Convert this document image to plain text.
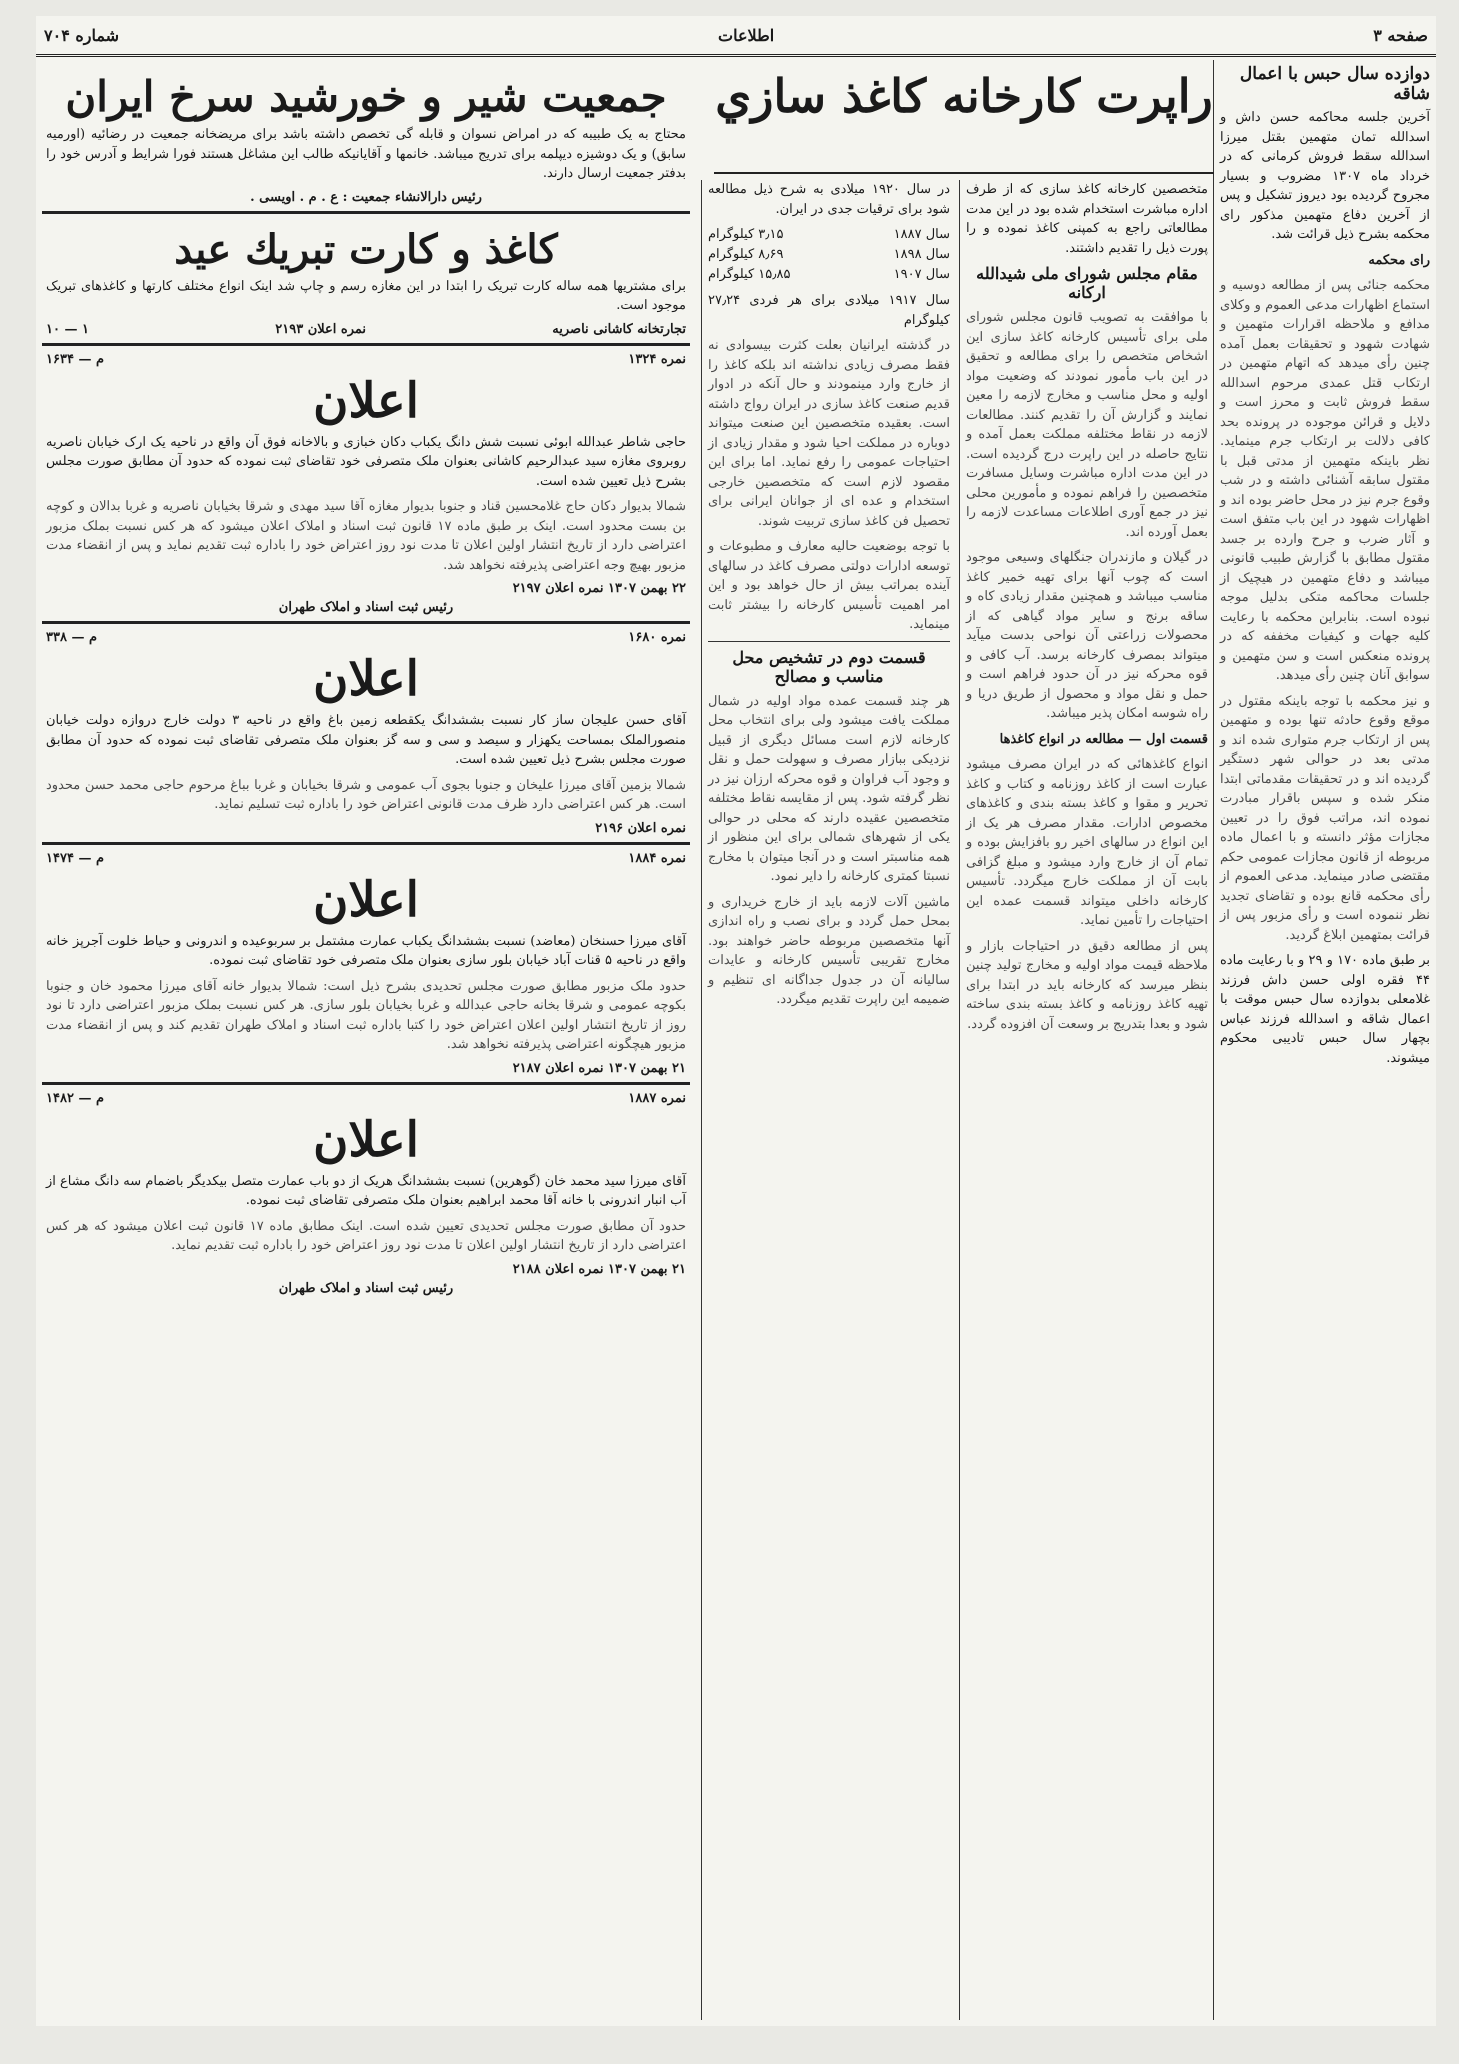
صفحه ۳
اطلاعات
شماره ۷۰۴
دوازده سال حبس با اعمال شاقه

آخرین جلسه محاکمه حسن داش و اسدالله تمان متهمین بقتل میرزا اسدالله سقط فروش کرمانی که در خرداد ماه ۱۳۰۷ مضروب و بسیار مجروح گردیده بود دیروز تشکیل و پس از آخرین دفاع متهمین مذکور رای محکمه بشرح ذیل قرائت شد.

رای محکمه

محکمه جنائی پس از مطالعه دوسیه و استماع اظهارات مدعی العموم و وکلای مدافع و ملاحظه اقرارات متهمین و شهادت شهود و تحقیقات بعمل آمده چنین رأی میدهد که اتهام متهمین در ارتکاب قتل عمدی مرحوم اسدالله سقط فروش ثابت و محرز است و دلایل و قرائن موجوده در پرونده بحد کافی دلالت بر ارتکاب جرم مینماید. نظر باینکه متهمین از مدتی قبل با مقتول سابقه آشنائی داشته و در شب وقوع جرم نیز در محل حاضر بوده اند و اظهارات شهود در این باب متفق است و آثار ضرب و جرح وارده بر جسد مقتول مطابق با گزارش طبیب قانونی میباشد و دفاع متهمین در هیچیک از جلسات محاکمه متکی بدلیل موجه نبوده است. بنابراین محکمه با رعایت کلیه جهات و کیفیات مخففه که در پرونده منعکس است و سن متهمین و سوابق آنان چنین رأی میدهد.

و نیز محکمه با توجه باینکه مقتول در موقع وقوع حادثه تنها بوده و متهمین پس از ارتکاب جرم متواری شده اند و مدتی بعد در حوالی شهر دستگیر گردیده اند و در تحقیقات مقدماتی ابتدا منکر شده و سپس باقرار مبادرت نموده اند، مراتب فوق را در تعیین مجازات مؤثر دانسته و با اعمال ماده مربوطه از قانون مجازات عمومی حکم مقتضی صادر مینماید. مدعی العموم از رأی محکمه قانع بوده و تقاضای تجدید نظر ننموده است و رأی مزبور پس از قرائت بمتهمین ابلاغ گردید.

بر طبق ماده ۱۷۰ و ۲۹ و با رعایت ماده ۴۴ فقره اولی حسن داش فرزند غلامعلی بدوازده سال حبس موقت با اعمال شاقه و اسدالله فرزند عباس بچهار سال حبس تادیبی محکوم میشوند.

راپرت كارخانه كاغذ سازي

متخصصین کارخانه کاغذ سازی که از طرف اداره مباشرت استخدام شده بود در این مدت مطالعاتی راجع به کمپنی کاغذ نموده و را پورت ذیل را تقدیم داشتند.

مقام مجلس شورای ملی شیدالله ارکانه

با موافقت به تصویب قانون مجلس شورای ملی برای تأسیس کارخانه کاغذ سازی این اشخاص متخصص را برای مطالعه و تحقیق در این باب مأمور نمودند که وضعیت مواد اولیه و محل مناسب و مخارج لازمه را معین نمایند و گزارش آن را تقدیم کنند. مطالعات لازمه در نقاط مختلفه مملکت بعمل آمده و نتایج حاصله در این راپرت درج گردیده است. در این مدت اداره مباشرت وسایل مسافرت متخصصین را فراهم نموده و مأمورین محلی نیز در جمع آوری اطلاعات مساعدت لازمه را بعمل آورده اند.

در گیلان و مازندران جنگلهای وسیعی موجود است که چوب آنها برای تهیه خمیر کاغذ مناسب میباشد و همچنین مقدار زیادی کاه و ساقه برنج و سایر مواد گیاهی که از محصولات زراعتی آن نواحی بدست میآید میتواند بمصرف کارخانه برسد. آب کافی و قوه محرکه نیز در آن حدود فراهم است و حمل و نقل مواد و محصول از طریق دریا و راه شوسه امکان پذیر میباشد.

قسمت اول — مطالعه در انواع کاغذها

انواع کاغذهائی که در ایران مصرف میشود عبارت است از کاغذ روزنامه و کتاب و کاغذ تحریر و مقوا و کاغذ بسته بندی و کاغذهای مخصوص ادارات. مقدار مصرف هر یک از این انواع در سالهای اخیر رو بافزایش بوده و تمام آن از خارج وارد میشود و مبلغ گزافی بابت آن از مملکت خارج میگردد. تأسیس کارخانه داخلی میتواند قسمت عمده این احتیاجات را تأمین نماید.

پس از مطالعه دقیق در احتیاجات بازار و ملاحظه قیمت مواد اولیه و مخارج تولید چنین بنظر میرسد که کارخانه باید در ابتدا برای تهیه کاغذ روزنامه و کاغذ بسته بندی ساخته شود و بعدا بتدریج بر وسعت آن افزوده گردد.

در سال ۱۹۲۰ میلادی به شرح ذیل مطالعه شود برای ترقیات جدی در ایران.

سال ۱۸۸۷
۳٫۱۵ کیلوگرام
سال ۱۸۹۸
۸٫۶۹ کیلوگرام
سال ۱۹۰۷
۱۵٫۸۵ کیلوگرام

سال ۱۹۱۷ میلادی برای هر فردی ۲۷٫۲۴ کیلوگرام

در گذشته ایرانیان بعلت کثرت بیسوادی نه فقط مصرف زیادی نداشته اند بلکه کاغذ را از خارج وارد مینمودند و حال آنکه در ادوار قدیم صنعت کاغذ سازی در ایران رواج داشته است. بعقیده متخصصین این صنعت میتواند دوباره در مملکت احیا شود و مقدار زیادی از احتیاجات عمومی را رفع نماید. اما برای این مقصود لازم است که متخصصین خارجی استخدام و عده ای از جوانان ایرانی برای تحصیل فن کاغذ سازی تربیت شوند.

با توجه بوضعیت حالیه معارف و مطبوعات و توسعه ادارات دولتی مصرف کاغذ در سالهای آینده بمراتب بیش از حال خواهد بود و این امر اهمیت تأسیس کارخانه را بیشتر ثابت مینماید.

قسمت دوم در تشخیص محل مناسب و مصالح

هر چند قسمت عمده مواد اولیه در شمال مملکت یافت میشود ولی برای انتخاب محل کارخانه لازم است مسائل دیگری از قبیل نزدیکی ببازار مصرف و سهولت حمل و نقل و وجود آب فراوان و قوه محرکه ارزان نیز در نظر گرفته شود. پس از مقایسه نقاط مختلفه متخصصین عقیده دارند که محلی در حوالی یکی از شهرهای شمالی برای این منظور از همه مناسبتر است و در آنجا میتوان با مخارج نسبتا کمتری کارخانه را دایر نمود.

ماشین آلات لازمه باید از خارج خریداری و بمحل حمل گردد و برای نصب و راه اندازی آنها متخصصین مربوطه حاضر خواهند بود. مخارج تقریبی تأسیس کارخانه و عایدات سالیانه آن در جدول جداگانه ای تنظیم و ضمیمه این راپرت تقدیم میگردد.

جمعیت شیر و خورشید سرخ ایران

محتاج به یک طبیبه که در امراض نسوان و قابله گی تخصص داشته باشد برای مریضخانه جمعیت در رضائیه (اورمیه سابق) و یک دوشیزه دیپلمه برای تدریج میباشد. خانمها و آقایانیکه طالب این مشاغل هستند فورا شرایط و آدرس خود را بدفتر جمعیت ارسال دارند.

رئیس دارالانشاء جمعیت : ع . م . اویسی .
كاغذ و كارت تبريك عيد

برای مشتریها همه ساله کارت تبریک را ابتدا در این مغازه رسم و چاپ شد اینک انواع مختلف کارتها و کاغذهای تبریک موجود است.

تجارتخانه کاشانی ناصریه
نمره اعلان ۲۱۹۳
۱ — ۱۰
نمره ۱۳۲۴
م — ۱۶۳۴
اعلان

حاجی شاطر عبدالله ابوئی نسبت شش دانگ یکباب دکان خبازی و بالاخانه فوق آن واقع در ناحیه یک ارک خیابان ناصریه روبروی مغازه سید عبدالرحیم کاشانی بعنوان ملک متصرفی خود تقاضای ثبت نموده که حدود آن مطابق صورت مجلس بشرح ذیل تعیین شده است.

شمالا بدیوار دکان حاج غلامحسین قناد و جنوبا بدیوار مغازه آقا سید مهدی و شرقا بخیابان ناصریه و غربا بدالان و کوچه بن بست محدود است. اینک بر طبق ماده ۱۷ قانون ثبت اسناد و املاک اعلان میشود که هر کس نسبت بملک مزبور اعتراضی دارد از تاریخ انتشار اولین اعلان تا مدت نود روز اعتراض خود را باداره ثبت تقدیم نماید و پس از انقضاء مدت مزبور بهیچ وجه اعتراضی پذیرفته نخواهد شد.

۲۲ بهمن ۱۳۰۷ نمره اعلان ۲۱۹۷
رئیس ثبت اسناد و املاک طهران
نمره ۱۶۸۰
م — ۳۳۸
اعلان

آقای حسن علیجان ساز کار نسبت بششدانگ یکقطعه زمین باغ واقع در ناحیه ۳ دولت خارج دروازه دولت خیابان منصورالملک بمساحت یکهزار و سیصد و سی و سه گز بعنوان ملک متصرفی تقاضای ثبت نموده که حدود آن مطابق صورت مجلس بشرح ذیل تعیین شده است.

شمالا بزمین آقای میرزا علیخان و جنوبا بجوی آب عمومی و شرقا بخیابان و غربا بباغ مرحوم حاجی محمد حسن محدود است. هر کس اعتراضی دارد ظرف مدت قانونی اعتراض خود را باداره ثبت تسلیم نماید.

نمره اعلان ۲۱۹۶
نمره ۱۸۸۴
م — ۱۴۷۴
اعلان

آقای میرزا حسنخان (معاضد) نسبت بششدانگ یکباب عمارت مشتمل بر سربوعیده و اندرونی و حیاط خلوت آجرپز خانه واقع در ناحیه ۵ قنات آباد خیابان بلور سازی بعنوان ملک متصرفی خود تقاضای ثبت نموده.

حدود ملک مزبور مطابق صورت مجلس تحدیدی بشرح ذیل است: شمالا بدیوار خانه آقای میرزا محمود خان و جنوبا بکوچه عمومی و شرقا بخانه حاجی عبدالله و غربا بخیابان بلور سازی. هر کس نسبت بملک مزبور اعتراضی دارد تا نود روز از تاریخ انتشار اولین اعلان اعتراض خود را کتبا باداره ثبت اسناد و املاک طهران تقدیم کند و پس از انقضاء مدت مزبور هیچگونه اعتراضی پذیرفته نخواهد شد.

۲۱ بهمن ۱۳۰۷ نمره اعلان ۲۱۸۷
نمره ۱۸۸۷
م — ۱۴۸۲
اعلان

آقای میرزا سید محمد خان (گوهرین) نسبت بششدانگ هریک از دو باب عمارت متصل بیکدیگر باضمام سه دانگ مشاع از آب انبار اندرونی با خانه آقا محمد ابراهیم بعنوان ملک متصرفی تقاضای ثبت نموده.

حدود آن مطابق صورت مجلس تحدیدی تعیین شده است. اینک مطابق ماده ۱۷ قانون ثبت اعلان میشود که هر کس اعتراضی دارد از تاریخ انتشار اولین اعلان تا مدت نود روز اعتراض خود را باداره ثبت تقدیم نماید.

۲۱ بهمن ۱۳۰۷ نمره اعلان ۲۱۸۸
رئیس ثبت اسناد و املاک طهران
